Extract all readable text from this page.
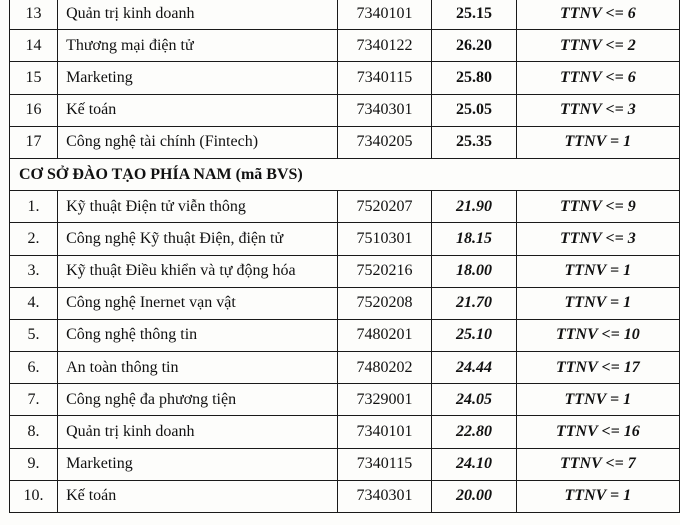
13	Quản trị kinh doanh	7340101	25.15	TTNV <= 6
14	Thương mại điện tử	7340122	26.20	TTNV <= 2
15	Marketing	7340115	25.80	TTNV <= 6
16	Kế toán	7340301	25.05	TTNV <= 3
17	Công nghệ tài chính (Fintech)	7340205	25.35	TTNV = 1
CƠ SỞ ĐÀO TẠO PHÍA NAM (mã BVS)				
1.	Kỹ thuật Điện tử viễn thông	7520207	21.90	TTNV <= 9
2.	Công nghệ Kỹ thuật Điện, điện tử	7510301	18.15	TTNV <= 3
3.	Kỹ thuật Điều khiển và tự động hóa	7520216	18.00	TTNV = 1
4.	Công nghệ Inernet vạn vật	7520208	21.70	TTNV = 1
5.	Công nghệ thông tin	7480201	25.10	TTNV <= 10
6.	An toàn thông tin	7480202	24.44	TTNV <= 17
7.	Công nghệ đa phương tiện	7329001	24.05	TTNV = 1
8.	Quản trị kinh doanh	7340101	22.80	TTNV <= 16
9.	Marketing	7340115	24.10	TTNV <= 7
10.	Kế toán	7340301	20.00	TTNV = 1
